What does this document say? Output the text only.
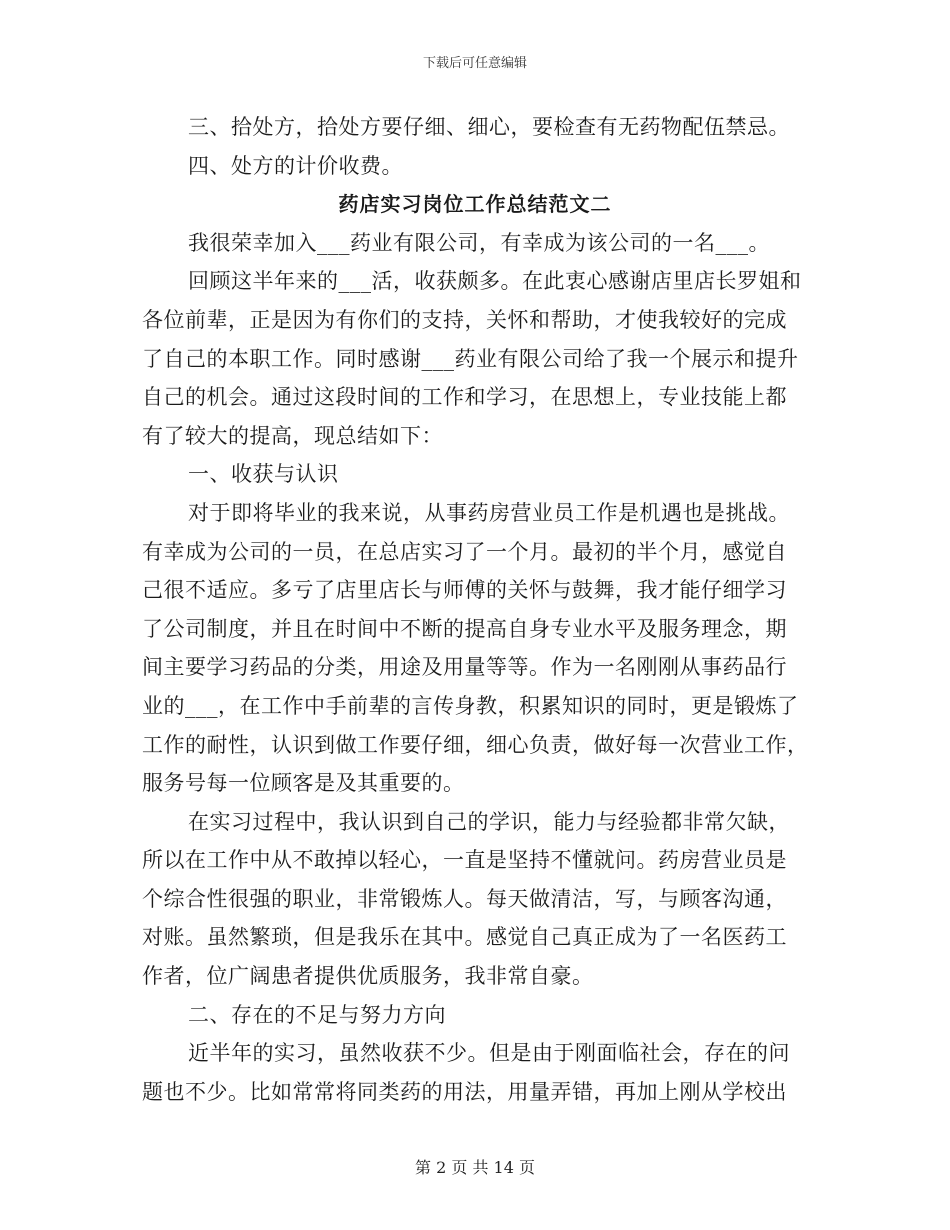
下载后可任意编辑
三、拾处方，拾处方要仔细、细心，要检查有无药物配伍禁忌。
四、处方的计价收费。
药店实习岗位工作总结范文二
我很荣幸加入___药业有限公司，有幸成为该公司的一名___。
回顾这半年来的___活，收获颇多。在此衷心感谢店里店长罗姐和
各位前辈，正是因为有你们的支持，关怀和帮助，才使我较好的完成
了自己的本职工作。同时感谢___药业有限公司给了我一个展示和提升
自己的机会。通过这段时间的工作和学习，在思想上，专业技能上都
有了较大的提高，现总结如下：
一、收获与认识
对于即将毕业的我来说，从事药房营业员工作是机遇也是挑战。
有幸成为公司的一员，在总店实习了一个月。最初的半个月，感觉自
己很不适应。多亏了店里店长与师傅的关怀与鼓舞，我才能仔细学习
了公司制度，并且在时间中不断的提高自身专业水平及服务理念，期
间主要学习药品的分类，用途及用量等等。作为一名刚刚从事药品行
业的___，在工作中手前辈的言传身教，积累知识的同时，更是锻炼了
工作的耐性，认识到做工作要仔细，细心负责，做好每一次营业工作，
服务号每一位顾客是及其重要的。
在实习过程中，我认识到自己的学识，能力与经验都非常欠缺，
所以在工作中从不敢掉以轻心，一直是坚持不懂就问。药房营业员是
个综合性很强的职业，非常锻炼人。每天做清洁，写，与顾客沟通，
对账。虽然繁琐，但是我乐在其中。感觉自己真正成为了一名医药工
作者，位广阔患者提供优质服务，我非常自豪。
二、存在的不足与努力方向
近半年的实习，虽然收获不少。但是由于刚面临社会，存在的问
题也不少。比如常常将同类药的用法，用量弄错，再加上刚从学校出
第 2 页 共 14 页
